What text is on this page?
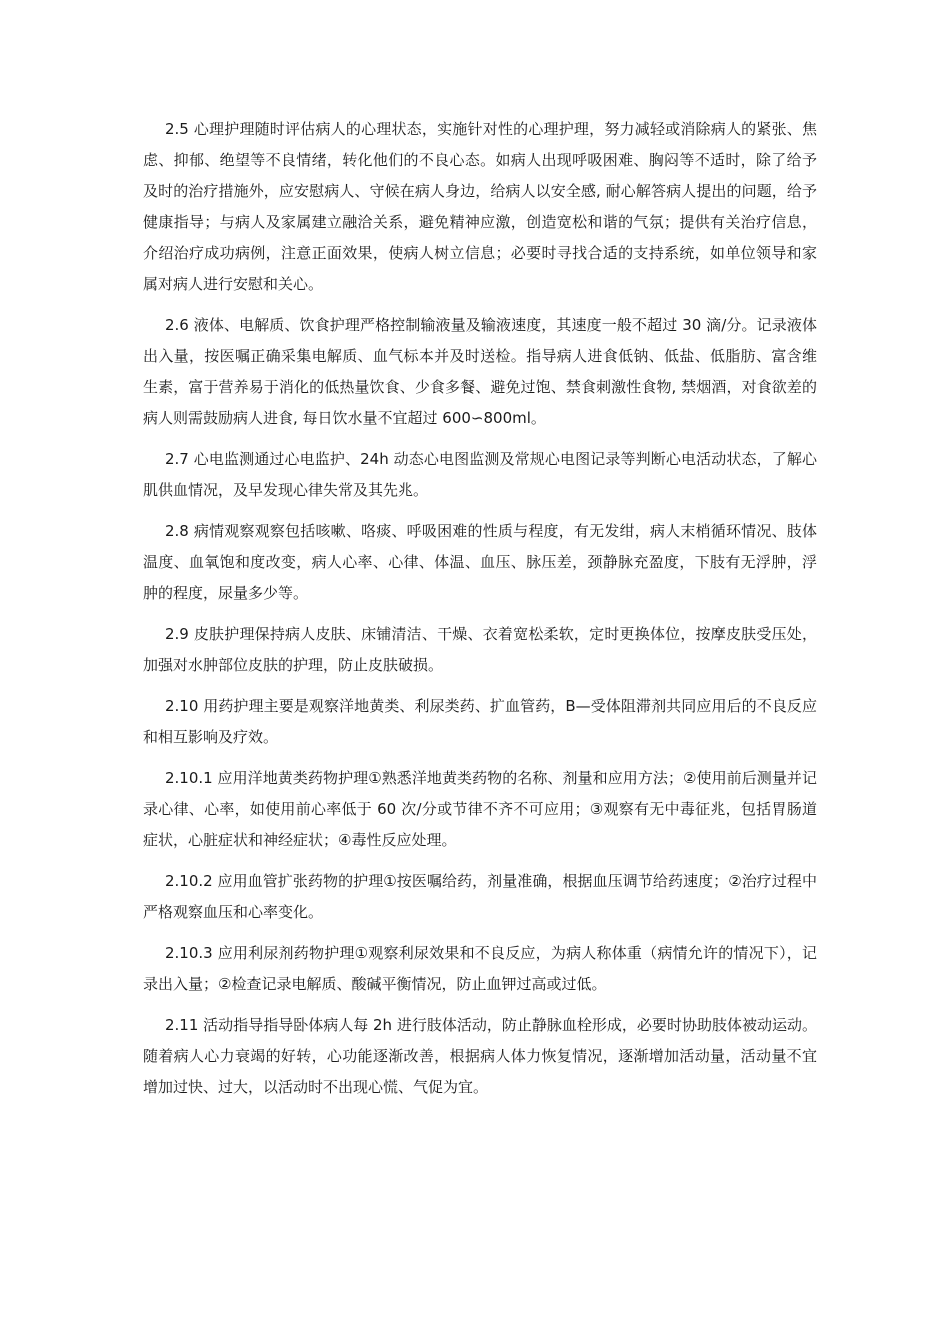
2.5 心理护理随时评估病人的心理状态，实施针对性的心理护理，努力减轻或消除病人的紧张、焦虑、抑郁、绝望等不良情绪，转化他们的不良心态。如病人出现呼吸困难、胸闷等不适时，除了给予及时的治疗措施外，应安慰病人、守候在病人身边，给病人以安全感, 耐心解答病人提出的问题，给予健康指导；与病人及家属建立融洽关系，避免精神应激，创造宽松和谐的气氛；提供有关治疗信息，介绍治疗成功病例，注意正面效果，使病人树立信息；必要时寻找合适的支持系统，如单位领导和家属对病人进行安慰和关心。

2.6 液体、电解质、饮食护理严格控制输液量及输液速度，其速度一般不超过 30 滴/分。记录液体出入量，按医嘱正确采集电解质、血气标本并及时送检。指导病人进食低钠、低盐、低脂肪、富含维生素，富于营养易于消化的低热量饮食、少食多餐、避免过饱、禁食刺激性食物, 禁烟酒，对食欲差的病人则需鼓励病人进食, 每日饮水量不宜超过 600∽800ml。

2.7 心电监测通过心电监护、24h 动态心电图监测及常规心电图记录等判断心电活动状态，了解心肌供血情况，及早发现心律失常及其先兆。

2.8 病情观察观察包括咳嗽、咯痰、呼吸困难的性质与程度，有无发绀，病人末梢循环情况、肢体温度、血氧饱和度改变，病人心率、心律、体温、血压、脉压差，颈静脉充盈度，下肢有无浮肿，浮肿的程度，尿量多少等。

2.9 皮肤护理保持病人皮肤、床铺清洁、干燥、衣着宽松柔软，定时更换体位，按摩皮肤受压处，加强对水肿部位皮肤的护理，防止皮肤破损。

2.10 用药护理主要是观察洋地黄类、利尿类药、扩血管药，B—受体阻滞剂共同应用后的不良反应和相互影响及疗效。

2.10.1 应用洋地黄类药物护理①熟悉洋地黄类药物的名称、剂量和应用方法；②使用前后测量并记录心律、心率，如使用前心率低于 60 次/分或节律不齐不可应用；③观察有无中毒征兆，包括胃肠道症状，心脏症状和神经症状；④毒性反应处理。

2.10.2 应用血管扩张药物的护理①按医嘱给药，剂量准确，根据血压调节给药速度；②治疗过程中严格观察血压和心率变化。

2.10.3 应用利尿剂药物护理①观察利尿效果和不良反应，为病人称体重（病情允许的情况下），记录出入量；②检查记录电解质、酸碱平衡情况，防止血钾过高或过低。

2.11 活动指导指导卧体病人每 2h 进行肢体活动，防止静脉血栓形成，必要时协助肢体被动运动。随着病人心力衰竭的好转，心功能逐渐改善，根据病人体力恢复情况，逐渐增加活动量，活动量不宜增加过快、过大，以活动时不出现心慌、气促为宜。
